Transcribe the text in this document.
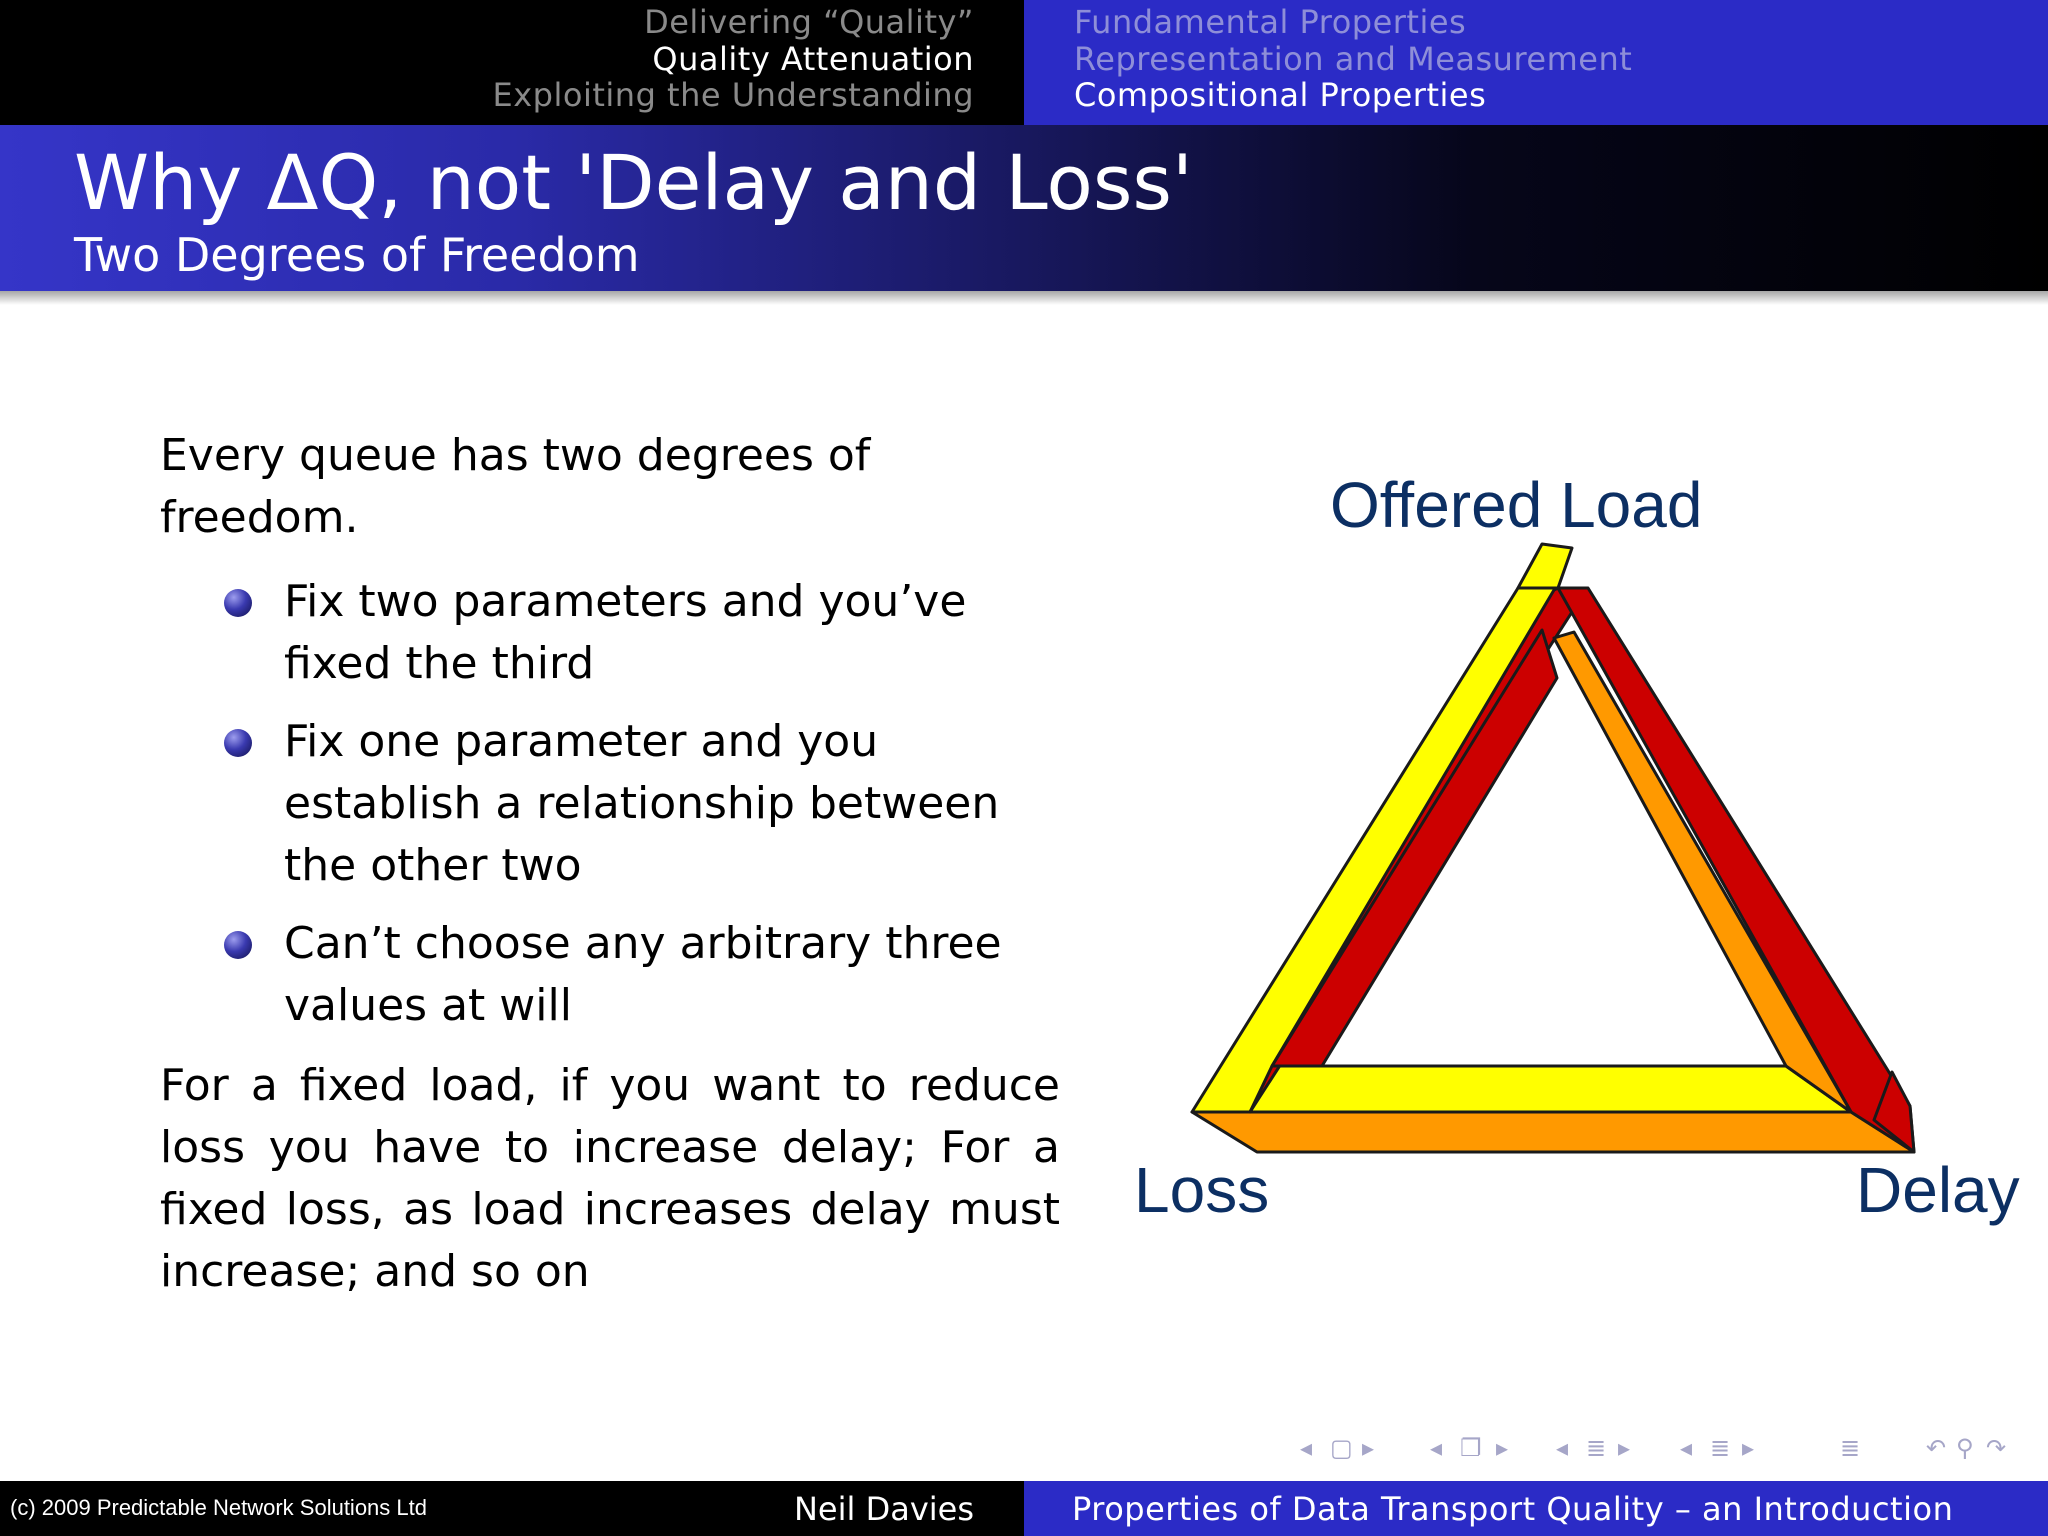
Delivering “Quality”
Quality Attenuation
Exploiting the Understanding
Fundamental Properties
Representation and Measurement
Compositional Properties
Why ΔQ, not 'Delay and Loss'
Two Degrees of Freedom

Every queue has two degrees of freedom.

Fix two parameters and you’ve fixed the third
Fix one parameter and you establish a relationship between the other two
Can’t choose any arbitrary three values at will

For a fixed load, if you want to reduce loss you have to increase delay; For a fixed loss, as load increases delay must increase; and so on

Offered Load
Loss	Delay
◂ ▢ ▸ ◂ ❐ ▸ ◂ ≣ ▸ ◂ ≣ ▸	≣	↶ ⚲ ↷
(c) 2009 Predictable Network Solutions Ltd	Neil Davies	Properties of Data Transport Quality – an Introduction
